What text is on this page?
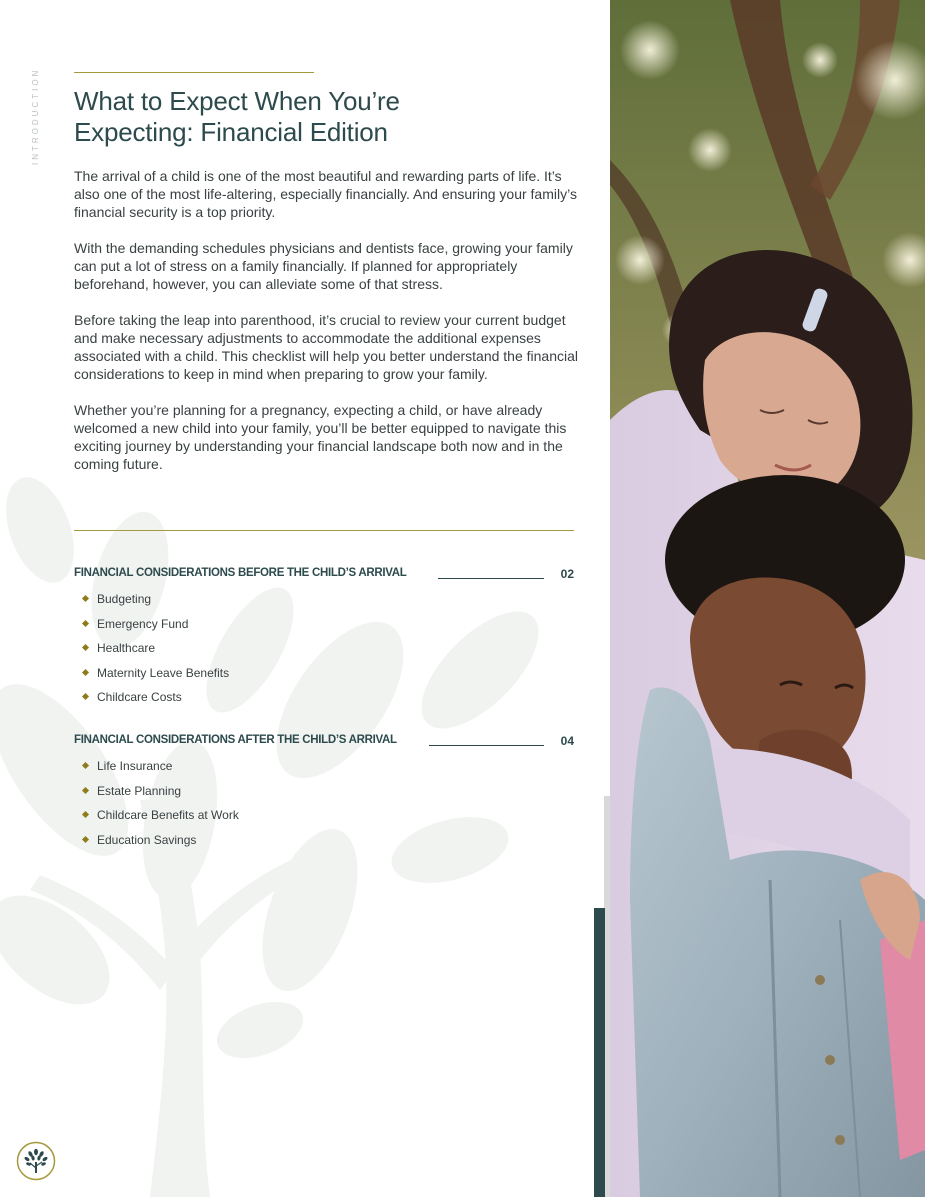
INTRODUCTION What to Expect When You’re Expecting: Financial Edition

The arrival of a child is one of the most beautiful and rewarding parts of life. It’s also one of the most life-altering, especially financially. And ensuring your family’s financial security is a top priority.

With the demanding schedules physicians and dentists face, growing your family can put a lot of stress on a family financially. If planned for appropriately beforehand, however, you can alleviate some of that stress.

Before taking the leap into parenthood, it’s crucial to review your current budget and make necessary adjustments to accommodate the additional expenses associated with a child. This checklist will help you better understand the financial considerations to keep in mind when preparing to grow your family.

Whether you’re planning for a pregnancy, expecting a child, or have already welcomed a new child into your family, you’ll be better equipped to navigate this exciting journey by understanding your financial landscape both now and in the coming future.

FINANCIAL CONSIDERATIONS BEFORE THE CHILD’S ARRIVAL	02
Budgeting
Emergency Fund
Healthcare
Maternity Leave Benefits
Childcare Costs
FINANCIAL CONSIDERATIONS AFTER THE CHILD’S ARRIVAL	04
Life Insurance
Estate Planning
Childcare Benefits at Work
Education Savings
